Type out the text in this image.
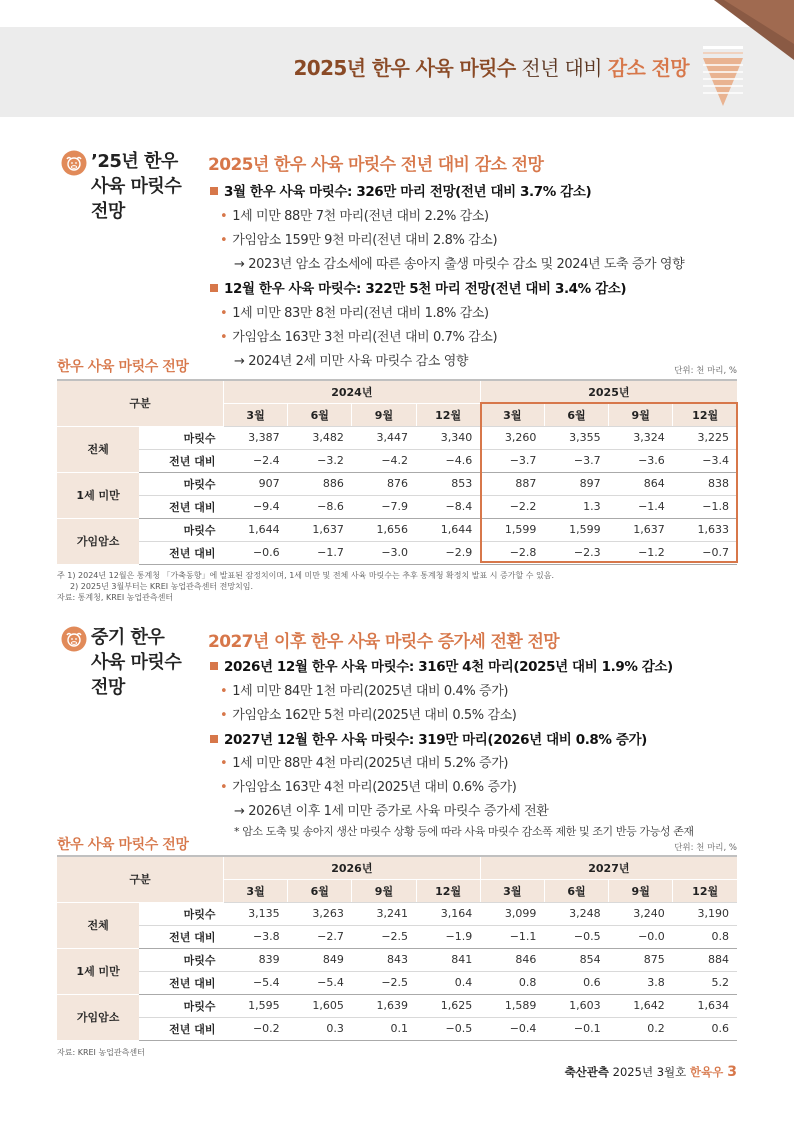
2025년 한우 사육 마릿수 전년 대비 감소 전망
’25년 한우
사육 마릿수
전망
2025년 한우 사육 마릿수 전년 대비 감소 전망
3월 한우 사육 마릿수: 326만 마리 전망(전년 대비 3.7% 감소)
• 1세 미만 88만 7천 마리(전년 대비 2.2% 감소)
• 가임암소 159만 9천 마리(전년 대비 2.8% 감소)
→ 2023년 암소 감소세에 따른 송아지 출생 마릿수 감소 및 2024년 도축 증가 영향
12월 한우 사육 마릿수: 322만 5천 마리 전망(전년 대비 3.4% 감소)
• 1세 미만 83만 8천 마리(전년 대비 1.8% 감소)
• 가임암소 163만 3천 마리(전년 대비 0.7% 감소)
→ 2024년 2세 미만 사육 마릿수 감소 영향
한우 사육 마릿수 전망	단위: 천 마리, %
구분		2024년				2025년			
		3월	6월	9월	12월	3월	6월	9월	12월
전체	마릿수	3,387	3,482	3,447	3,340	3,260	3,355	3,324	3,225
	전년 대비	−2.4	−3.2	−4.2	−4.6	−3.7	−3.7	−3.6	−3.4
1세 미만	마릿수	907	886	876	853	887	897	864	838
	전년 대비	−9.4	−8.6	−7.9	−8.4	−2.2	1.3	−1.4	−1.8
가임암소	마릿수	1,644	1,637	1,656	1,644	1,599	1,599	1,637	1,633
	전년 대비	−0.6	−1.7	−3.0	−2.9	−2.8	−2.3	−1.2	−0.7
주 1) 2024년 12월은 통계청 「가축동향」에 발표된 잠정치이며, 1세 미만 및 전체 사육 마릿수는 추후 통계청 확정치 발표 시 증가할 수 있음.
2) 2025년 3월부터는 KREI 농업관측센터 전망치임.
자료: 통계청, KREI 농업관측센터
중기 한우
사육 마릿수
전망
2027년 이후 한우 사육 마릿수 증가세 전환 전망
2026년 12월 한우 사육 마릿수: 316만 4천 마리(2025년 대비 1.9% 감소)
• 1세 미만 84만 1천 마리(2025년 대비 0.4% 증가)
• 가임암소 162만 5천 마리(2025년 대비 0.5% 감소)
2027년 12월 한우 사육 마릿수: 319만 마리(2026년 대비 0.8% 증가)
• 1세 미만 88만 4천 마리(2025년 대비 5.2% 증가)
• 가임암소 163만 4천 마리(2025년 대비 0.6% 증가)
→ 2026년 이후 1세 미만 증가로 사육 마릿수 증가세 전환
* 암소 도축 및 송아지 생산 마릿수 상황 등에 따라 사육 마릿수 감소폭 제한 및 조기 반등 가능성 존재
한우 사육 마릿수 전망	단위: 천 마리, %
구분		2026년				2027년			
		3월	6월	9월	12월	3월	6월	9월	12월
전체	마릿수	3,135	3,263	3,241	3,164	3,099	3,248	3,240	3,190
	전년 대비	−3.8	−2.7	−2.5	−1.9	−1.1	−0.5	−0.0	0.8
1세 미만	마릿수	839	849	843	841	846	854	875	884
	전년 대비	−5.4	−5.4	−2.5	0.4	0.8	0.6	3.8	5.2
가임암소	마릿수	1,595	1,605	1,639	1,625	1,589	1,603	1,642	1,634
	전년 대비	−0.2	0.3	0.1	−0.5	−0.4	−0.1	0.2	0.6
자료: KREI 농업관측센터
축산관측 2025년 3월호 한육우 3
